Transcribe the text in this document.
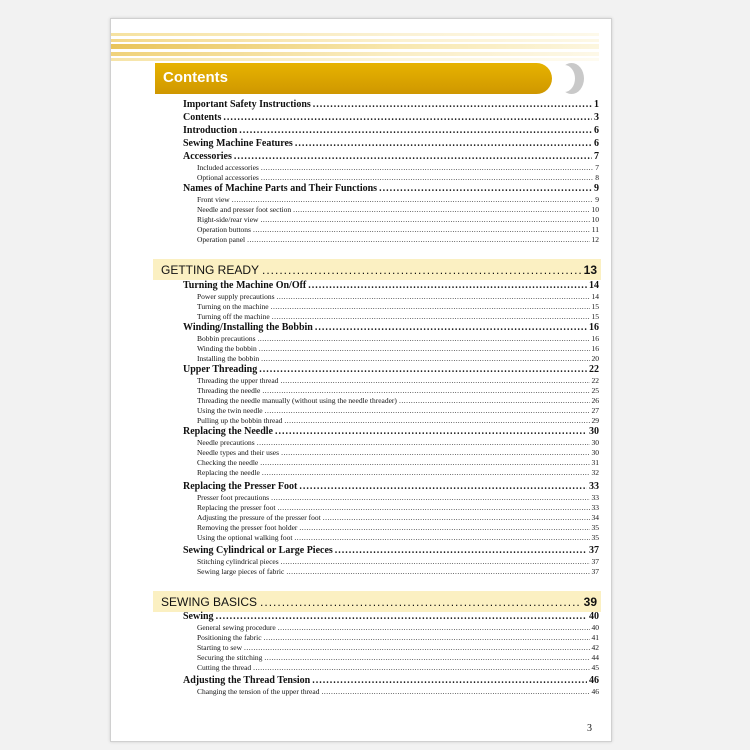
Contents
Important Safety Instructions .....	1
Contents .....	3
Introduction .....	6
Sewing Machine Features .....	6
Accessories .....	7
Included accessories .....	7
Optional accessories .....	8
Names of Machine Parts and Their Functions .....	9
Front view .....	9
Needle and presser foot section .....	10
Right-side/rear view .....	10
Operation buttons .....	11
Operation panel .....	12
GETTING READY .....	13
Turning the Machine On/Off .....	14
Power supply precautions .....	14
Turning on the machine .....	15
Turning off the machine .....	15
Winding/Installing the Bobbin .....	16
Bobbin precautions .....	16
Winding the bobbin .....	16
Installing the bobbin .....	20
Upper Threading .....	22
Threading the upper thread .....	22
Threading the needle .....	25
Threading the needle manually (without using the needle threader) .....	26
Using the twin needle .....	27
Pulling up the bobbin thread .....	29
Replacing the Needle .....	30
Needle precautions .....	30
Needle types and their uses .....	30
Checking the needle .....	31
Replacing the needle .....	32
Replacing the Presser Foot .....	33
Presser foot precautions .....	33
Replacing the presser foot .....	33
Adjusting the pressure of the presser foot .....	34
Removing the presser foot holder .....	35
Using the optional walking foot .....	35
Sewing Cylindrical or Large Pieces .....	37
Stitching cylindrical pieces .....	37
Sewing large pieces of fabric .....	37
SEWING BASICS .....	39
Sewing .....	40
General sewing procedure .....	40
Positioning the fabric .....	41
Starting to sew .....	42
Securing the stitching .....	44
Cutting the thread .....	45
Adjusting the Thread Tension .....	46
Changing the tension of the upper thread .....	46
3
